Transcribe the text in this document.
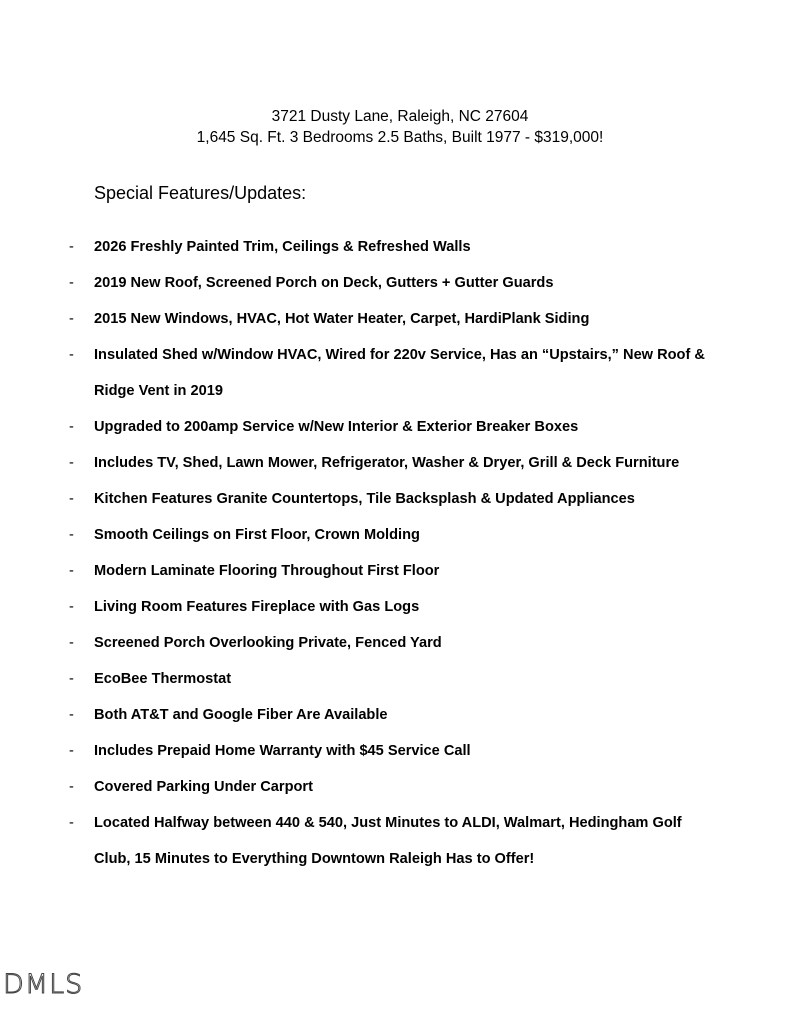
3721 Dusty Lane, Raleigh, NC 27604
1,645 Sq. Ft. 3 Bedrooms 2.5 Baths, Built 1977 - $319,000!
Special Features/Updates:
- 2026 Freshly Painted Trim, Ceilings & Refreshed Walls
- 2019 New Roof, Screened Porch on Deck, Gutters + Gutter Guards
- 2015 New Windows, HVAC, Hot Water Heater, Carpet, HardiPlank Siding
- Insulated Shed w/Window HVAC, Wired for 220v Service, Has an “Upstairs,” New Roof &
Ridge Vent in 2019
- Upgraded to 200amp Service w/New Interior & Exterior Breaker Boxes
- Includes TV, Shed, Lawn Mower, Refrigerator, Washer & Dryer, Grill & Deck Furniture
- Kitchen Features Granite Countertops, Tile Backsplash & Updated Appliances
- Smooth Ceilings on First Floor, Crown Molding
- Modern Laminate Flooring Throughout First Floor
- Living Room Features Fireplace with Gas Logs
- Screened Porch Overlooking Private, Fenced Yard
- EcoBee Thermostat
- Both AT&T and Google Fiber Are Available
- Includes Prepaid Home Warranty with $45 Service Call
- Covered Parking Under Carport
- Located Halfway between 440 & 540, Just Minutes to ALDI, Walmart, Hedingham Golf
Club, 15 Minutes to Everything Downtown Raleigh Has to Offer!
DMLS
